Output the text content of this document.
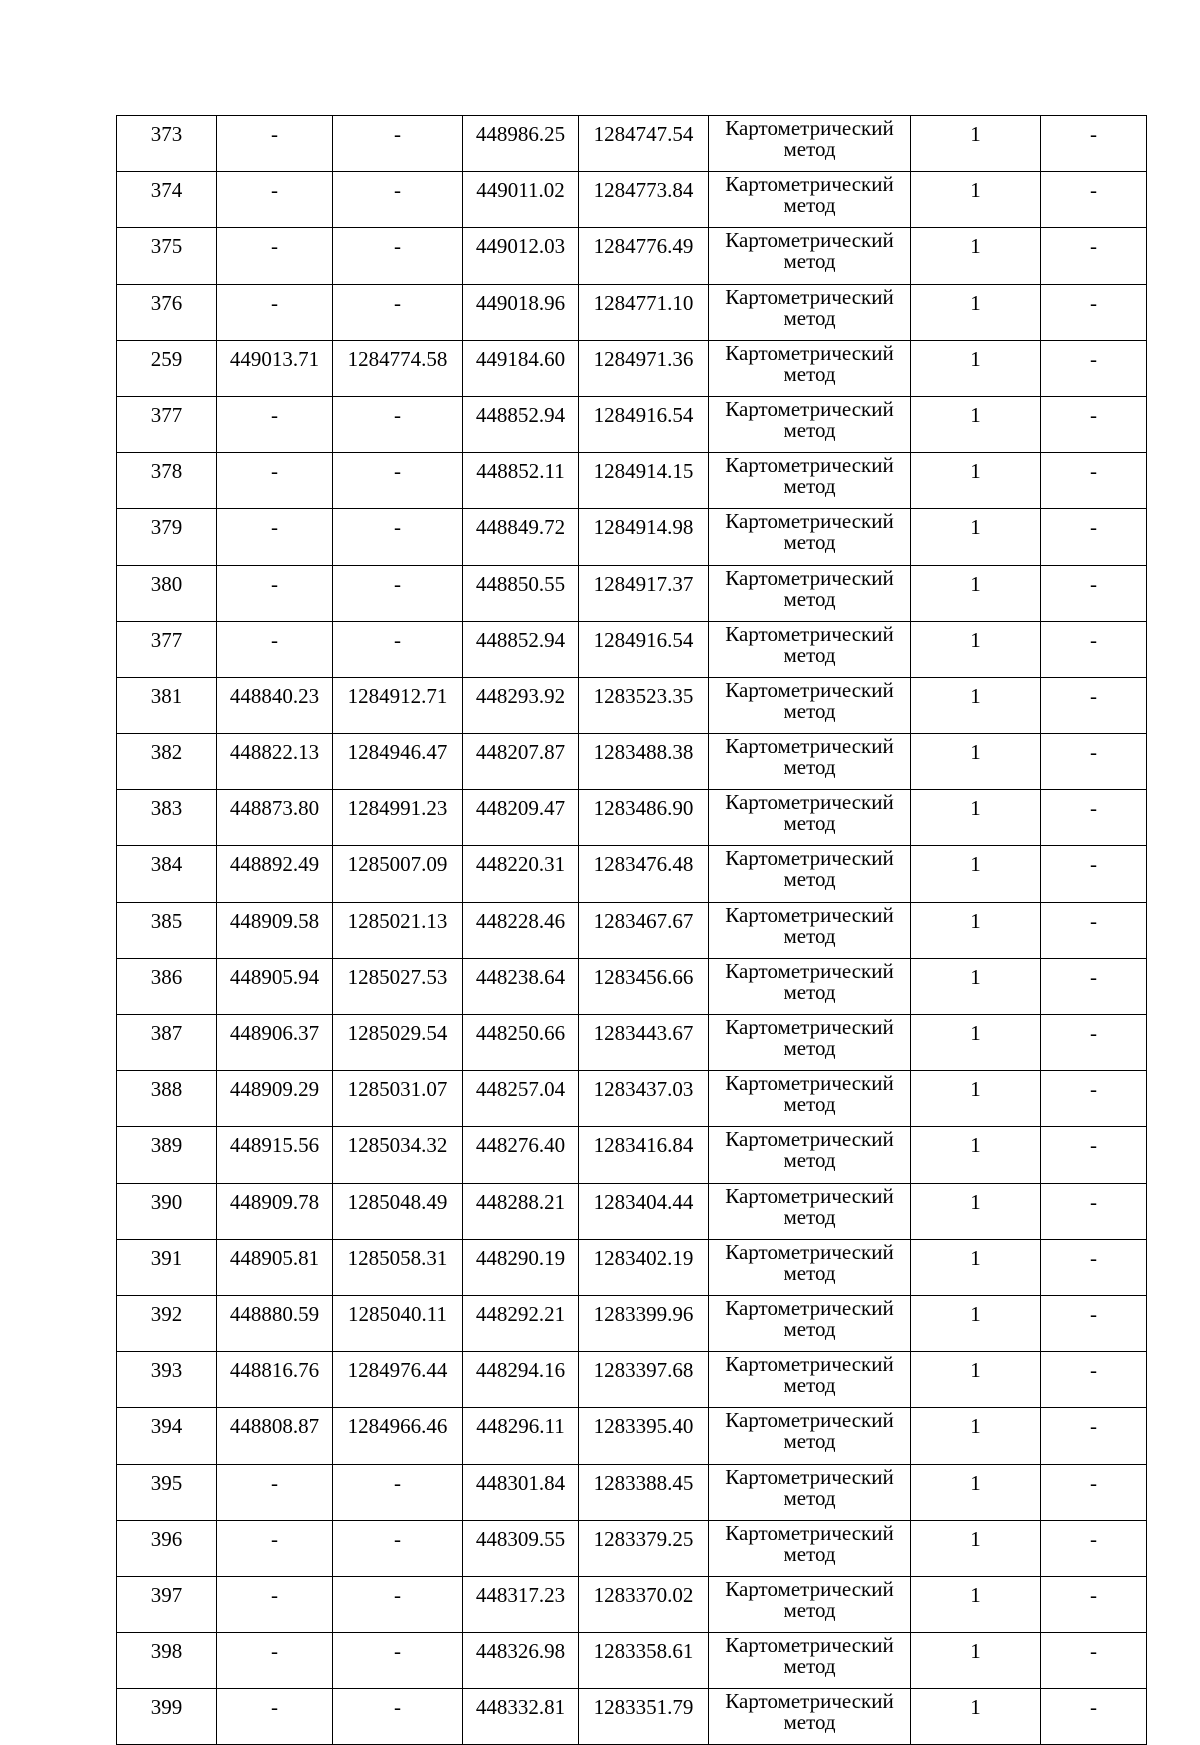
373	-	-	448986.25	1284747.54	Картометрический метод	1	-
374	-	-	449011.02	1284773.84	Картометрический метод	1	-
375	-	-	449012.03	1284776.49	Картометрический метод	1	-
376	-	-	449018.96	1284771.10	Картометрический метод	1	-
259	449013.71	1284774.58	449184.60	1284971.36	Картометрический метод	1	-
377	-	-	448852.94	1284916.54	Картометрический метод	1	-
378	-	-	448852.11	1284914.15	Картометрический метод	1	-
379	-	-	448849.72	1284914.98	Картометрический метод	1	-
380	-	-	448850.55	1284917.37	Картометрический метод	1	-
377	-	-	448852.94	1284916.54	Картометрический метод	1	-
381	448840.23	1284912.71	448293.92	1283523.35	Картометрический метод	1	-
382	448822.13	1284946.47	448207.87	1283488.38	Картометрический метод	1	-
383	448873.80	1284991.23	448209.47	1283486.90	Картометрический метод	1	-
384	448892.49	1285007.09	448220.31	1283476.48	Картометрический метод	1	-
385	448909.58	1285021.13	448228.46	1283467.67	Картометрический метод	1	-
386	448905.94	1285027.53	448238.64	1283456.66	Картометрический метод	1	-
387	448906.37	1285029.54	448250.66	1283443.67	Картометрический метод	1	-
388	448909.29	1285031.07	448257.04	1283437.03	Картометрический метод	1	-
389	448915.56	1285034.32	448276.40	1283416.84	Картометрический метод	1	-
390	448909.78	1285048.49	448288.21	1283404.44	Картометрический метод	1	-
391	448905.81	1285058.31	448290.19	1283402.19	Картометрический метод	1	-
392	448880.59	1285040.11	448292.21	1283399.96	Картометрический метод	1	-
393	448816.76	1284976.44	448294.16	1283397.68	Картометрический метод	1	-
394	448808.87	1284966.46	448296.11	1283395.40	Картометрический метод	1	-
395	-	-	448301.84	1283388.45	Картометрический метод	1	-
396	-	-	448309.55	1283379.25	Картометрический метод	1	-
397	-	-	448317.23	1283370.02	Картометрический метод	1	-
398	-	-	448326.98	1283358.61	Картометрический метод	1	-
399	-	-	448332.81	1283351.79	Картометрический метод	1	-
